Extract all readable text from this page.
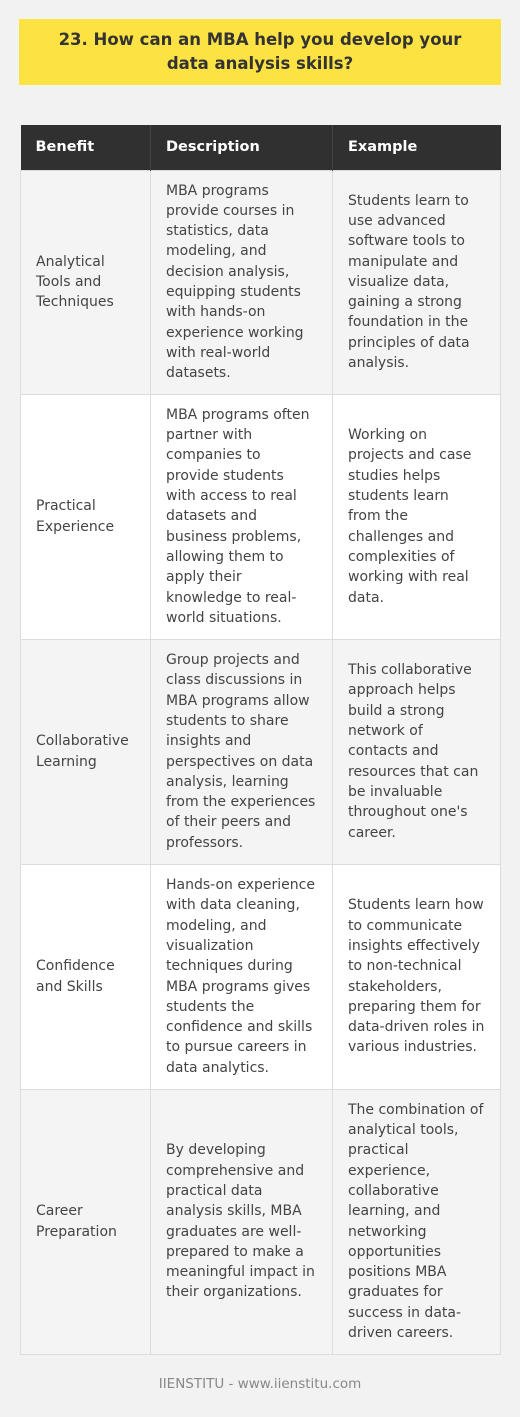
23. How can an MBA help you develop your data analysis skills?
Benefit	Description	Example
Analytical Tools and Techniques	MBA programs provide courses in statistics, data modeling, and decision analysis, equipping students with hands-on experience working with real-world datasets.	Students learn to use advanced software tools to manipulate and visualize data, gaining a strong foundation in the principles of data analysis.
Practical Experience	MBA programs often partner with companies to provide students with access to real datasets and business problems, allowing them to apply their knowledge to real-world situations.	Working on projects and case studies helps students learn from the challenges and complexities of working with real data.
Collaborative Learning	Group projects and class discussions in MBA programs allow students to share insights and perspectives on data analysis, learning from the experiences of their peers and professors.	This collaborative approach helps build a strong network of contacts and resources that can be invaluable throughout one's career.
Confidence and Skills	Hands-on experience with data cleaning, modeling, and visualization techniques during MBA programs gives students the confidence and skills to pursue careers in data analytics.	Students learn how to communicate insights effectively to non-technical stakeholders, preparing them for data-driven roles in various industries.
Career Preparation	By developing comprehensive and practical data analysis skills, MBA graduates are well-prepared to make a meaningful impact in their organizations.	The combination of analytical tools, practical experience, collaborative learning, and networking opportunities positions MBA graduates for success in data-driven careers.
IIENSTITU - www.iienstitu.com
